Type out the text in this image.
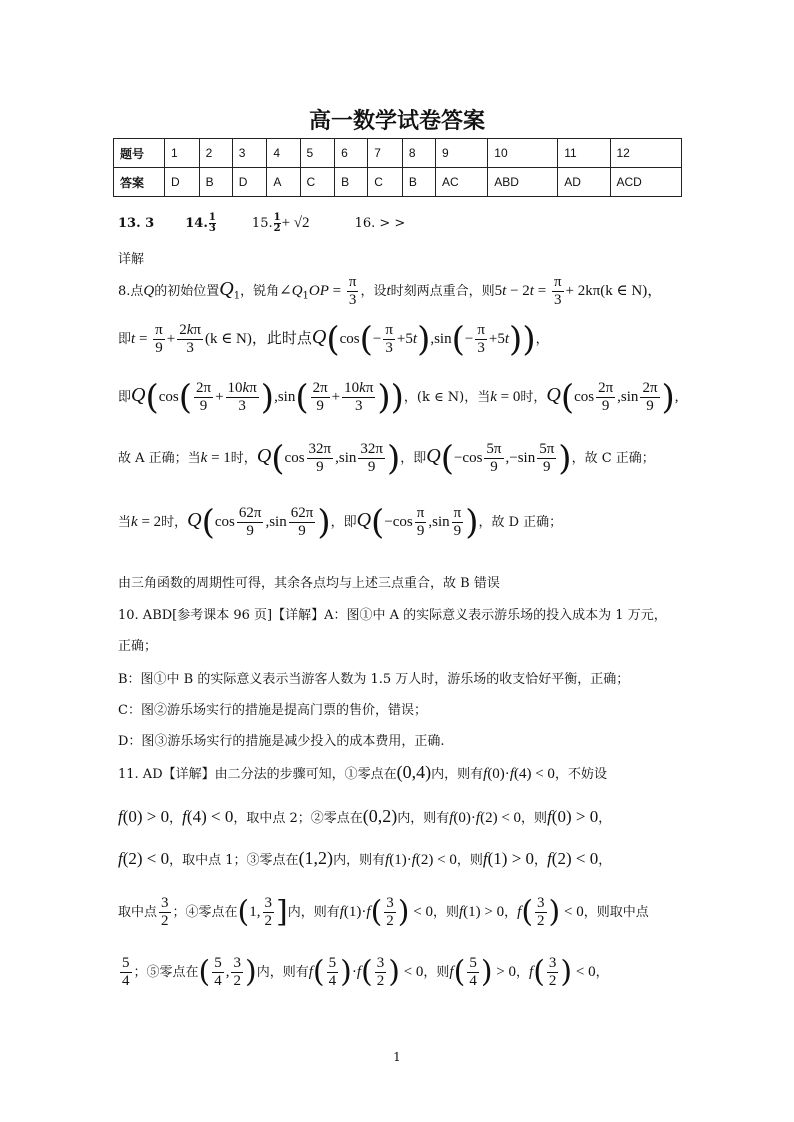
高一数学试卷答案
题号	1	2	3	4	5	6	7	8	9	10	11	12
答案	D	B	D	A	C	B	C	B	AC	ABD	AD	ACD
13. 3 14. $\frac{1}{3}$	15. $\frac{1}{2} + √2$	16. > >
详解
8.点Q的初始位置$Q_1$，锐角$\angle Q_1OP = \frac{\pi}{3}$ ，设t时刻两点重合，则$5t - 2t = \frac{\pi}{3} + 2k\pi(k$ ∈ N)，
即$t = \frac{\pi}{9} + \frac{2k\pi}{3} (k$ ∈ N)，此时点$Q(\cos(- \frac{\pi}{3} +5t),\sin(- \frac{\pi}{3} +5t))$，
即$Q(\cos( \frac{2\pi}{9} + \frac{10k\pi}{3} ),\sin( \frac{2\pi}{9} + \frac{10k\pi}{3}$ ))，(k ∈ N)，当k = 0时，$Q(\cos \frac{2\pi}{9} ,\sin \frac{2\pi}{9}$ ),
故 A 正确；当k = 1时，$Q(\cos \frac{32\pi}{9} ,\sin \frac{32\pi}{9}$ )，即$Q(-\cos \frac{5\pi}{9} ,-\sin \frac{5\pi}{9}$ )，故 C 正确；
当k = 2时，$Q(\cos \frac{62\pi}{9} ,\sin \frac{62\pi}{9}$ )，即$Q(-\cos \frac{\pi}{9} ,\sin \frac{\pi}{9}$ )，故 D 正确；
由三角函数的周期性可得，其余各点均与上述三点重合，故 B 错误
10. ABD[参考课本 96 页]【详解】A：图①中 A 的实际意义表示游乐场的投入成本为 1 万元，
正确；
B：图①中 B 的实际意义表示当游客人数为 1.5 万人时，游乐场的收支恰好平衡，正确；
C：图②游乐场实行的措施是提高门票的售价，错误；
D：图③游乐场实行的措施是减少投入的成本费用，正确.
11. AD【详解】由二分法的步骤可知，①零点在(0,4)内，则有f(0)·f(4) < 0，不妨设
f(0) > 0，f(4) < 0，取中点 2；②零点在(0,2)内，则有f(0)·f(2) < 0，则f(0) > 0，
f(2) < 0，取中点 1；③零点在(1,2)内，则有f(1)·f(2) < 0，则f(1) > 0，f(2) < 0，
取中点 $\frac{3}{2}$ ；④零点在(1, $\frac{3}{2}$ ]内，则有$f(1)\cdot f( \frac{3}{2}$ ) < 0，则f(1) > 0，$f( \frac{3}{2}$ ) < 0，则取中点
$\frac{5}{4}$ ；⑤零点在( $\frac{5}{4}$ , $\frac{3}{2}$ )内，则有$f( \frac{5}{4} )\cdot f( \frac{3}{2}$ ) < 0，则$f( \frac{5}{4}$ ) > 0，$f( \frac{3}{2}$ ) < 0，
1
